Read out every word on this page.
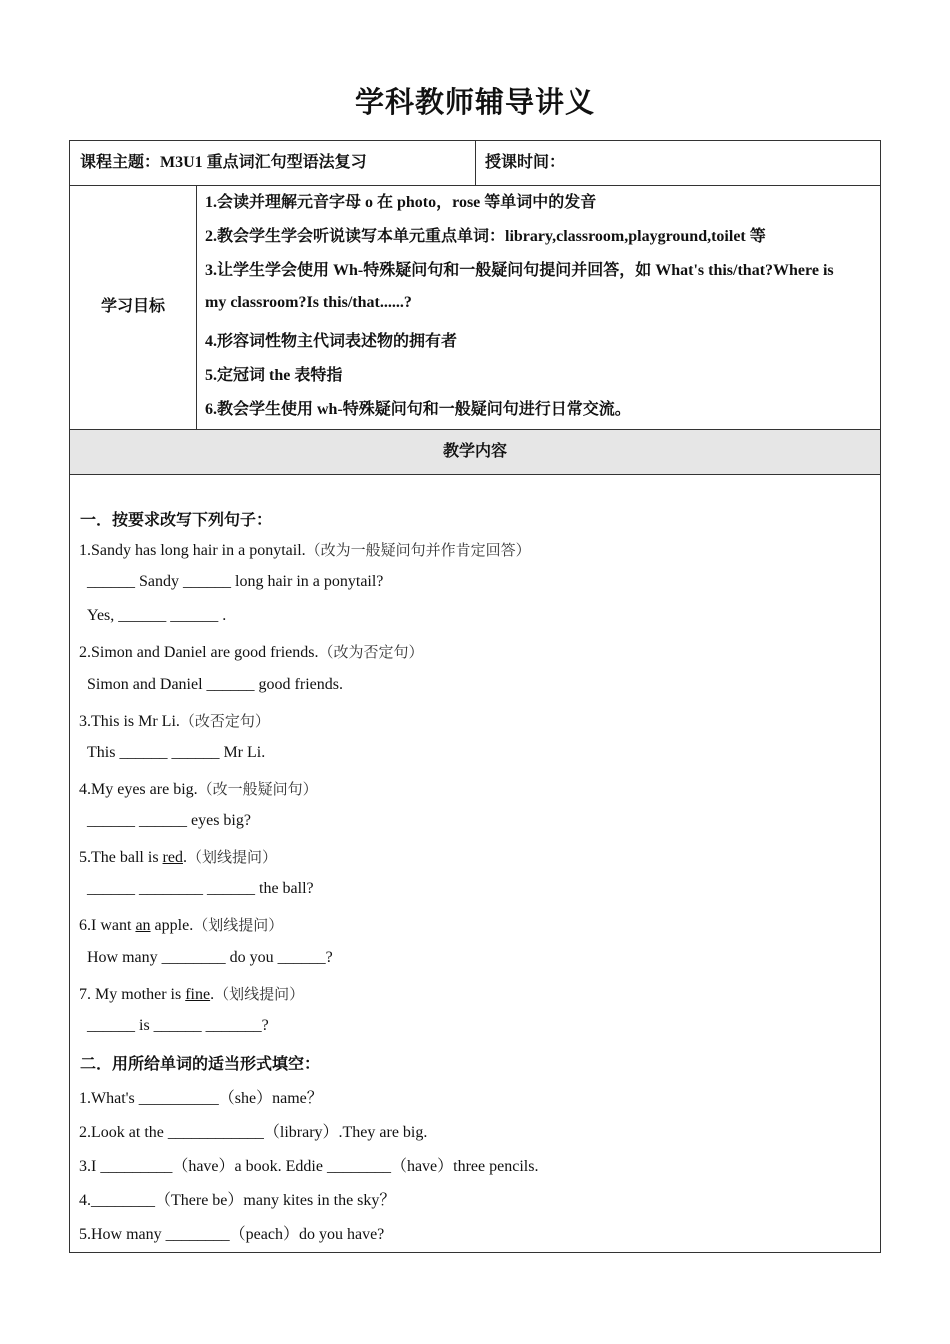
学科教师辅导讲义
课程主题：M3U1 重点词汇句型语法复习	授课时间：
学习目标
1.会读并理解元音字母 o 在 photo，rose 等单词中的发音
2.教会学生学会听说读写本单元重点单词：library,classroom,playground,toilet 等
3.让学生学会使用 Wh-特殊疑问句和一般疑问句提问并回答，如 What's this/that?Where is
my classroom?Is this/that......?
4.形容词性物主代词表述物的拥有者
5.定冠词 the 表特指
6.教会学生使用 wh-特殊疑问句和一般疑问句进行日常交流。
教学内容
一．按要求改写下列句子：
1.Sandy has long hair in a ponytail.（改为一般疑问句并作肯定回答）
______ Sandy ______ long hair in a ponytail?
Yes, ______ ______ .
2.Simon and Daniel are good friends.（改为否定句）
Simon and Daniel ______ good friends.
3.This is Mr Li.（改否定句）
This ______ ______ Mr Li.
4.My eyes are big.（改一般疑问句）
______ ______ eyes big?
5.The ball is red.（划线提问）
______ ________ ______ the ball?
6.I want an apple.（划线提问）
How many ________ do you ______?
7. My mother is fine.（划线提问）
______ is ______ _______?
二．用所给单词的适当形式填空：
1.What's __________（she）name？
2.Look at the ____________（library）.They are big.
3.I _________（have）a book. Eddie ________（have）three pencils.
4.________（There be）many kites in the sky？
5.How many ________（peach）do you have?
